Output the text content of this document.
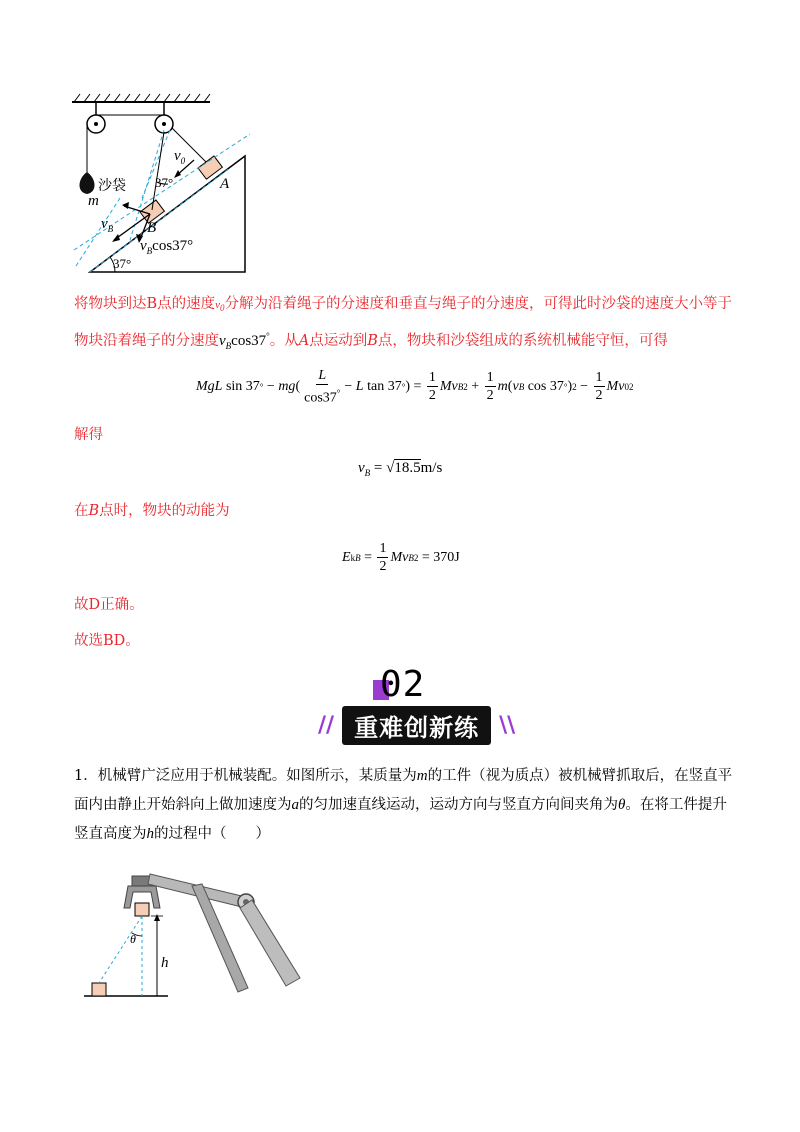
沙袋
m
$v_0$
37°	A
$v_B$ B
$v_B\cos 37^\circ$
37°
将物块到达B点的速度$v_0$分解为沿着绳子的分速度和垂直与绳子的分速度，可得此时沙袋的速度大小等于
物块沿着绳子的分速度$v_B\cos 37^\circ$。从A点运动到B点，物块和沙袋组成的系统机械能守恒，可得
MgL sin 37 ° − mg ( $\frac{L}{\cos 37^\circ} - L$ tan 37 ° ) = $\frac{1}{2}$ Mv B $2 + \frac{1}{2}$ m ( v B cos 37 ° ) $2 - \frac{1}{2}$ Mv 0 2
解得
$v_B = √18.5m/s$
在B点时，物块的动能为
E kB = $\frac{1}{2}$ Mv B 2
= 370J
故D正确。
故选BD。
02
// 重难创新练 \\
1．机械臂广泛应用于机械装配。如图所示，某质量为m的工件（视为质点）被机械臂抓取后，在竖直平
面内由静止开始斜向上做加速度为a的匀加速直线运动，运动方向与竖直方向间夹角为θ。在将工件提升
竖直高度为h的过程中（　　）
θ
h
